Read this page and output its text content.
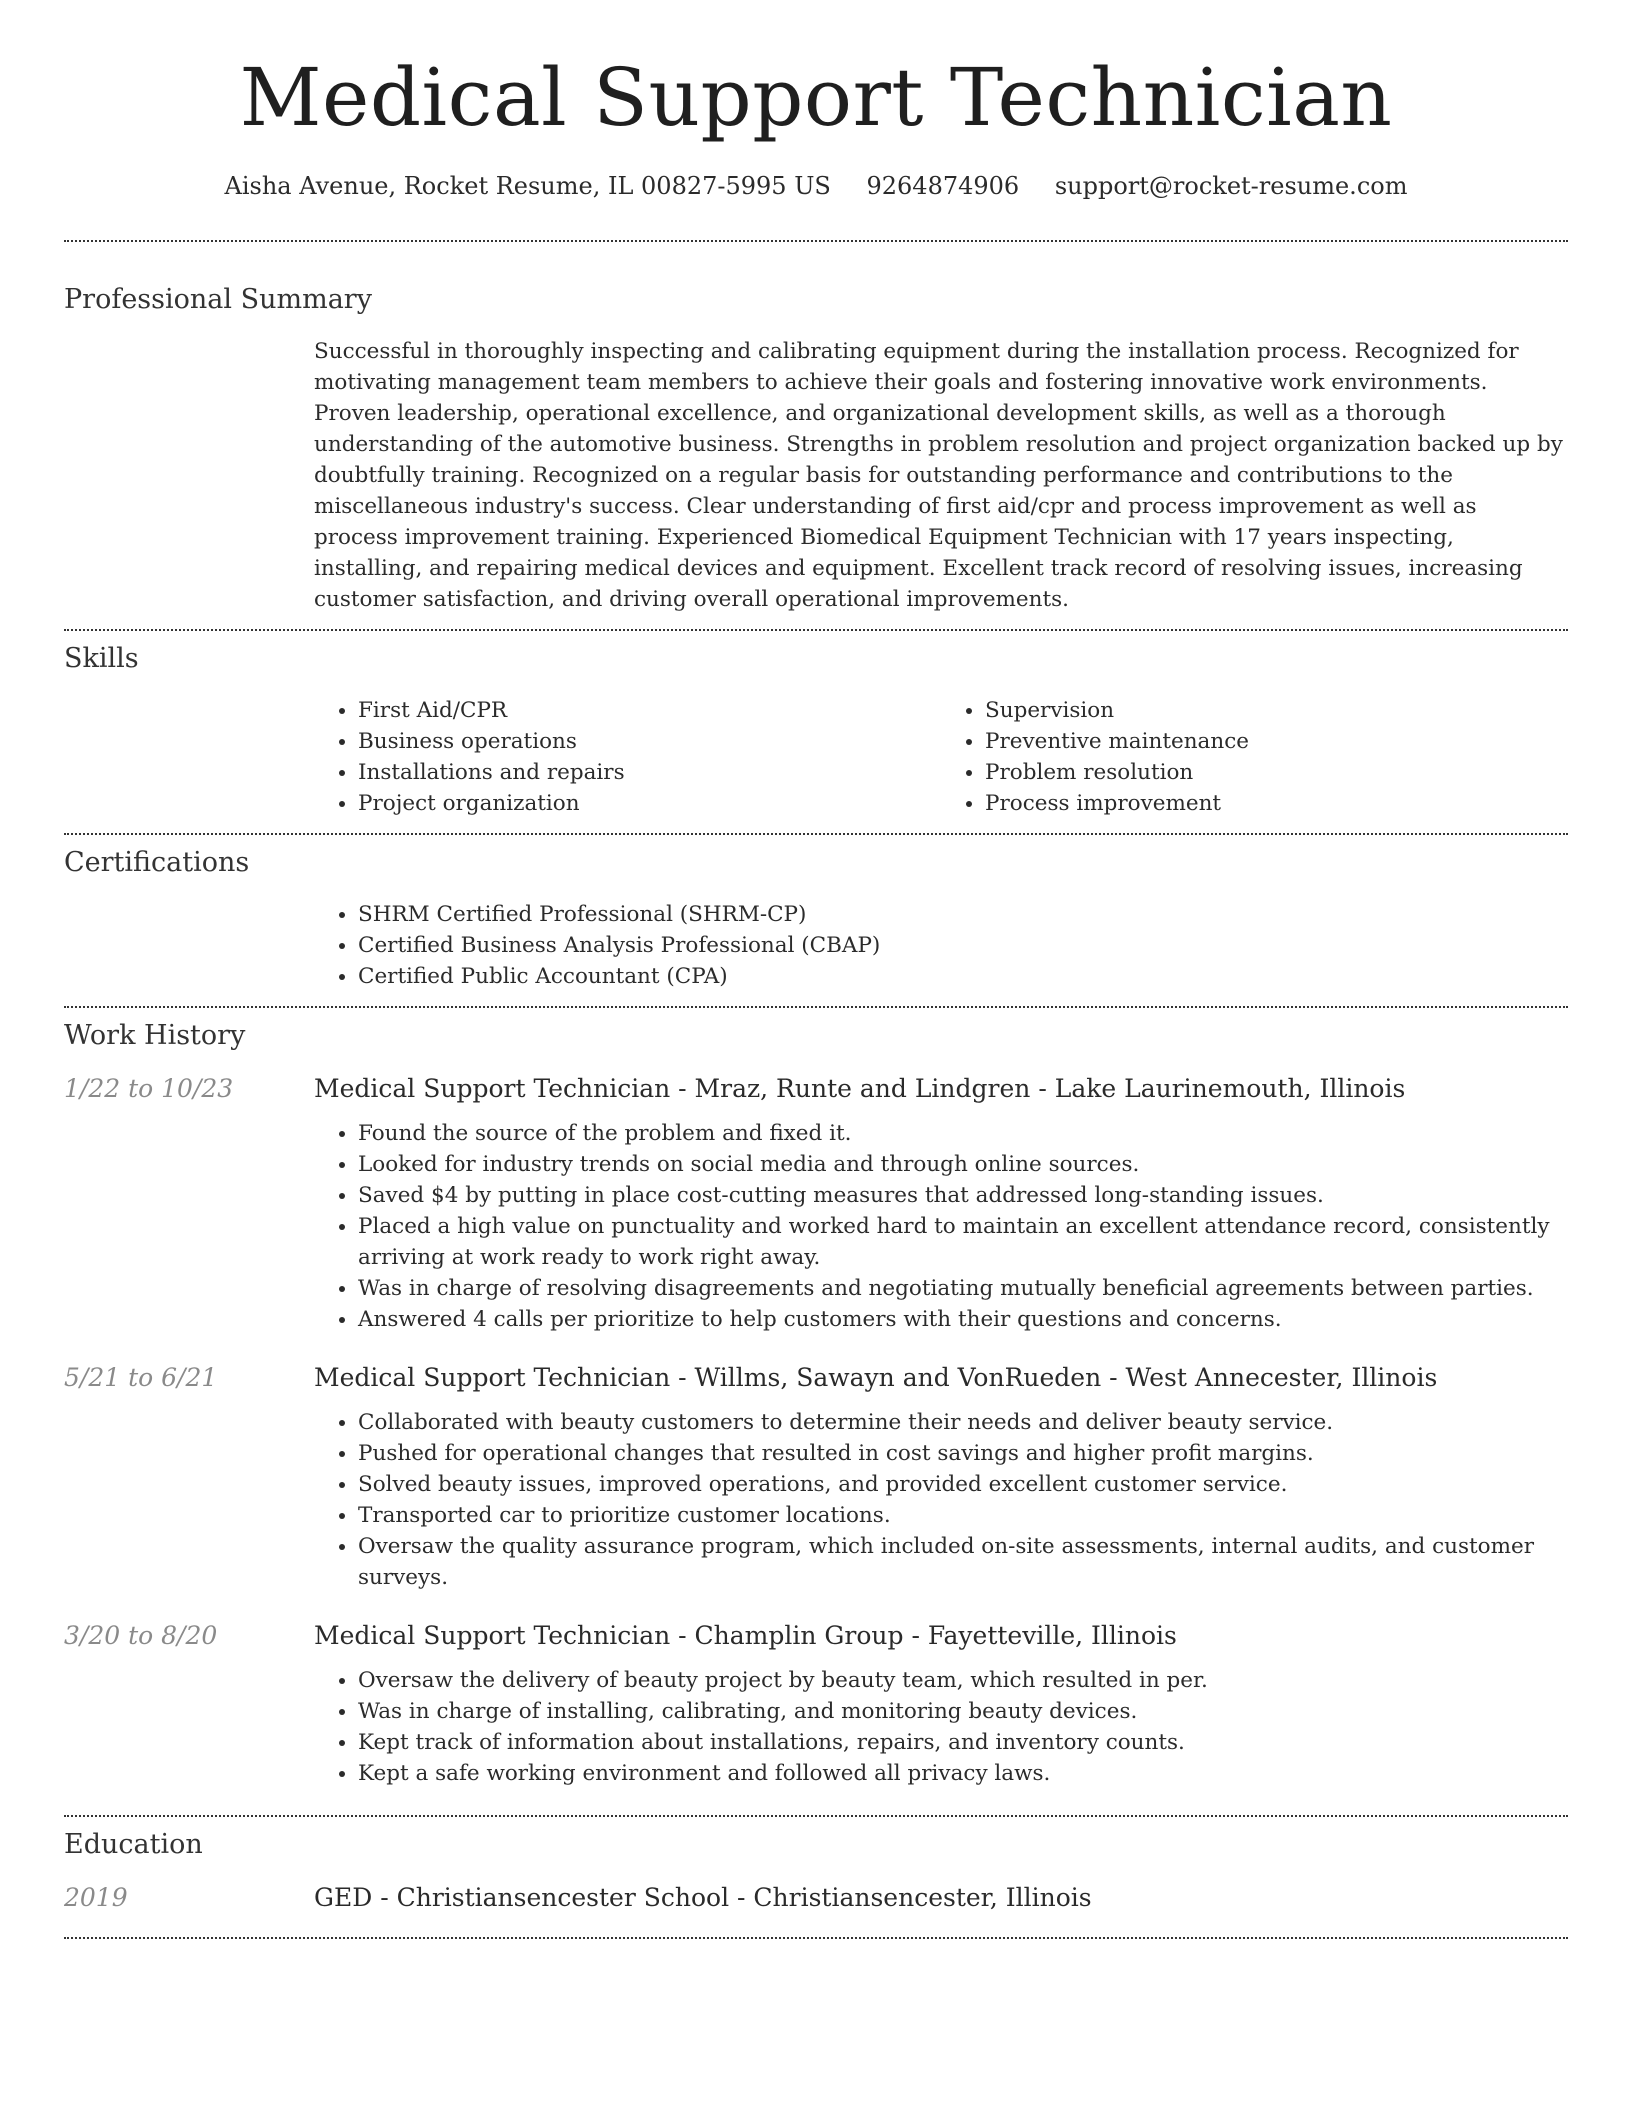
Medical Support Technician
Aisha Avenue, Rocket Resume, IL 00827-5995 US 9264874906 support@rocket-resume.com
Professional Summary

Successful in thoroughly inspecting and calibrating equipment during the installation process. Recognized for motivating management team members to achieve their goals and fostering innovative work environments. Proven leadership, operational excellence, and organizational development skills, as well as a thorough understanding of the automotive business. Strengths in problem resolution and project organization backed up by doubtfully training. Recognized on a regular basis for outstanding performance and contributions to the miscellaneous industry's success. Clear understanding of first aid/cpr and process improvement as well as process improvement training. Experienced Biomedical Equipment Technician with 17 years inspecting, installing, and repairing medical devices and equipment. Excellent track record of resolving issues, increasing customer satisfaction, and driving overall operational improvements.

Skills
• First Aid/CPR
• Business operations
• Installations and repairs
• Project organization
• Supervision
• Preventive maintenance
• Problem resolution
• Process improvement
Certifications
• SHRM Certified Professional (SHRM-CP)
• Certified Business Analysis Professional (CBAP)
• Certified Public Accountant (CPA)
Work History
1/22 to 10/23	Medical Support Technician - Mraz, Runte and Lindgren - Lake Laurinemouth, Illinois
• Found the source of the problem and fixed it.
• Looked for industry trends on social media and through online sources.
• Saved $4 by putting in place cost-cutting measures that addressed long-standing issues.
• Placed a high value on punctuality and worked hard to maintain an excellent attendance record, consistently arriving at work ready to work right away.
• Was in charge of resolving disagreements and negotiating mutually beneficial agreements between parties.
• Answered 4 calls per prioritize to help customers with their questions and concerns.
5/21 to 6/21	Medical Support Technician - Willms, Sawayn and VonRueden - West Annecester, Illinois
• Collaborated with beauty customers to determine their needs and deliver beauty service.
• Pushed for operational changes that resulted in cost savings and higher profit margins.
• Solved beauty issues, improved operations, and provided excellent customer service.
• Transported car to prioritize customer locations.
• Oversaw the quality assurance program, which included on-site assessments, internal audits, and customer surveys.
3/20 to 8/20	Medical Support Technician - Champlin Group - Fayetteville, Illinois
• Oversaw the delivery of beauty project by beauty team, which resulted in per.
• Was in charge of installing, calibrating, and monitoring beauty devices.
• Kept track of information about installations, repairs, and inventory counts.
• Kept a safe working environment and followed all privacy laws.
Education
2019	GED - Christiansencester School - Christiansencester, Illinois
